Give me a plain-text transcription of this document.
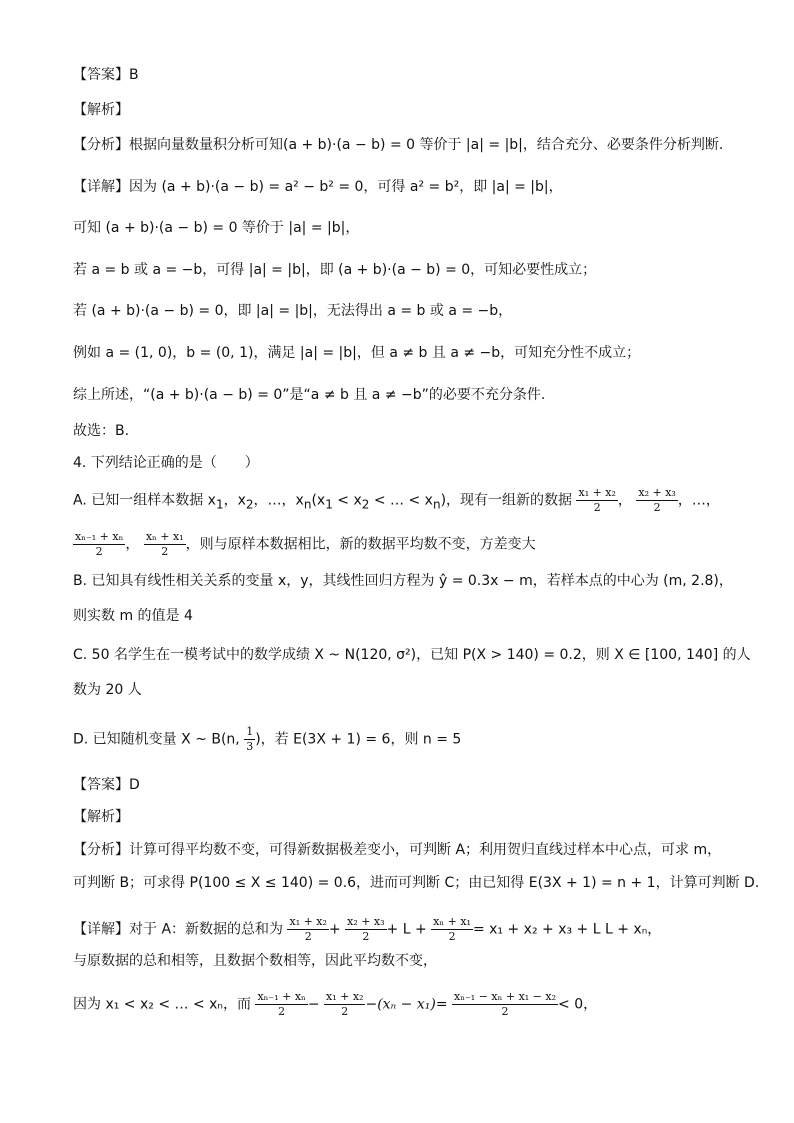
【答案】B
【解析】
【分析】根据向量数量积分析可知(a + b)·(a − b) = 0 等价于 |a| = |b|，结合充分、必要条件分析判断.
【详解】因为 (a + b)·(a − b) = a² − b² = 0，可得 a² = b²，即 |a| = |b|，
可知 (a + b)·(a − b) = 0 等价于 |a| = |b|，
若 a = b 或 a = −b，可得 |a| = |b|，即 (a + b)·(a − b) = 0，可知必要性成立；
若 (a + b)·(a − b) = 0，即 |a| = |b|，无法得出 a = b 或 a = −b，
例如 a = (1, 0)，b = (0, 1)，满足 |a| = |b|，但 a ≠ b 且 a ≠ −b，可知充分性不成立；
综上所述，“(a + b)·(a − b) = 0”是“a ≠ b 且 a ≠ −b”的必要不充分条件.
故选：B.
4. 下列结论正确的是（　　）
A. 已知一组样本数据 $x_1$，$x_2$，…，$x_n(x_1 < x_2$ < … < $x_n$)，现有一组新的数据 $\frac{\text{x₁ + x₂}}{2}$ ， $\frac{\text{x₂ + x₃}}{2}$ ，…，
$\frac{\text{xₙ₋₁ + xₙ}}{2}$ ， $\frac{\text{xₙ + x₁}}{2}$ ，则与原样本数据相比，新的数据平均数不变，方差变大
B. 已知具有线性相关关系的变量 x，y，其线性回归方程为 ŷ = 0.3x − m，若样本点的中心为 (m, 2.8)，
则实数 m 的值是 4
C. 50 名学生在一模考试中的数学成绩 X ~ N(120, σ²)，已知 P(X > 140) = 0.2，则 X ∈ [100, 140] 的人
数为 20 人
D. 已知随机变量 X ~ B(n, $\frac{1}{3}$ )，若 E(3X + 1) = 6，则 n = 5
【答案】D
【解析】
【分析】计算可得平均数不变，可得新数据极差变小，可判断 A；利用贺归直线过样本中心点，可求 m，
可判断 B；可求得 P(100 ≤ X ≤ 140) = 0.6，进而可判断 C；由已知得 E(3X + 1) = n + 1，计算可判断 D.
【详解】对于 A：新数据的总和为 $\frac{\text{x₁ + x₂}}{2} + \frac{\text{x₂ + x₃}}{2} + L + \frac{\text{xₙ + x₁}}{2} = x_1 + x_2 + x_3 + L$ L + xₙ，
与原数据的总和相等，且数据个数相等，因此平均数不变，
因为 x₁ < x₂ < … < xₙ，而 $\frac{\text{xₙ₋₁ + xₙ}}{2} - \frac{\text{x₁ + x₂}}{2} -(x_n - x_1)= \frac{\text{xₙ₋₁ − xₙ + x₁ − x₂}}{2} < 0$，
